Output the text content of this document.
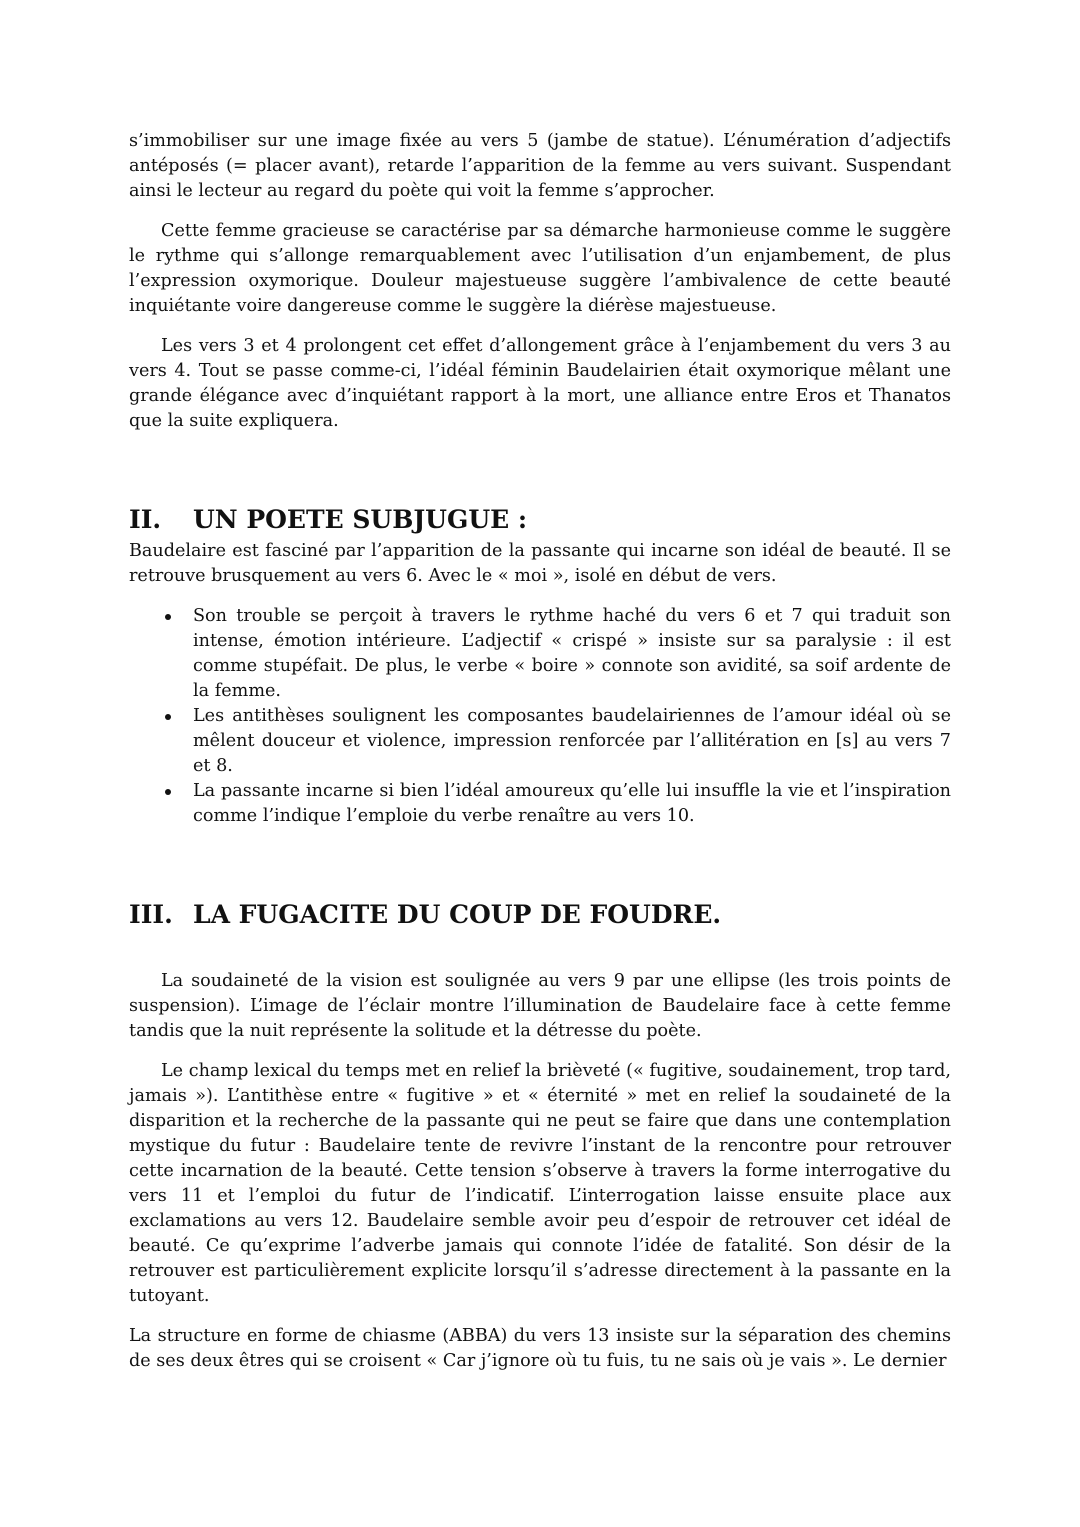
s’immobiliser sur une image fixée au vers 5 (jambe de statue). L’énumération d’adjectifs antéposés (= placer avant), retarde l’apparition de la femme au vers suivant. Suspendant ainsi le lecteur au regard du poète qui voit la femme s’approcher.

Cette femme gracieuse se caractérise par sa démarche harmonieuse comme le suggère le rythme qui s’allonge remarquablement avec l’utilisation d’un enjambement, de plus l’expression oxymorique. Douleur majestueuse suggère l’ambivalence de cette beauté inquiétante voire dangereuse comme le suggère la diérèse majestueuse.

Les vers 3 et 4 prolongent cet effet d’allongement grâce à l’enjambement du vers 3 au vers 4. Tout se passe comme-ci, l’idéal féminin Baudelairien était oxymorique mêlant une grande élégance avec d’inquiétant rapport à la mort, une alliance entre Eros et Thanatos que la suite expliquera.

II.	UN POETE SUBJUGUE :

Baudelaire est fasciné par l’apparition de la passante qui incarne son idéal de beauté. Il se retrouve brusquement au vers 6. Avec le « moi », isolé en début de vers.

Son trouble se perçoit à travers le rythme haché du vers 6 et 7 qui traduit son intense, émotion intérieure. L’adjectif « crispé » insiste sur sa paralysie : il est comme stupéfait. De plus, le verbe « boire » connote son avidité, sa soif ardente de la femme.
Les antithèses soulignent les composantes baudelairiennes de l’amour idéal où se mêlent douceur et violence, impression renforcée par l’allitération en [s] au vers 7 et 8.
La passante incarne si bien l’idéal amoureux qu’elle lui insuffle la vie et l’inspiration comme l’indique l’emploie du verbe renaître au vers 10.
III. LA FUGACITE DU COUP DE FOUDRE.

La soudaineté de la vision est soulignée au vers 9 par une ellipse (les trois points de suspension). L’image de l’éclair montre l’illumination de Baudelaire face à cette femme tandis que la nuit représente la solitude et la détresse du poète.

Le champ lexical du temps met en relief la brièveté (« fugitive, soudainement, trop tard, jamais »). L’antithèse entre « fugitive » et « éternité » met en relief la soudaineté de la disparition et la recherche de la passante qui ne peut se faire que dans une contemplation mystique du futur : Baudelaire tente de revivre l’instant de la rencontre pour retrouver cette incarnation de la beauté. Cette tension s’observe à travers la forme interrogative du vers 11 et l’emploi du futur de l’indicatif. L’interrogation laisse ensuite place aux exclamations au vers 12. Baudelaire semble avoir peu d’espoir de retrouver cet idéal de beauté. Ce qu’exprime l’adverbe jamais qui connote l’idée de fatalité. Son désir de la retrouver est particulièrement explicite lorsqu’il s’adresse directement à la passante en la tutoyant.

La structure en forme de chiasme (ABBA) du vers 13 insiste sur la séparation des chemins de ses deux êtres qui se croisent « Car j’ignore où tu fuis, tu ne sais où je vais ». Le dernier
